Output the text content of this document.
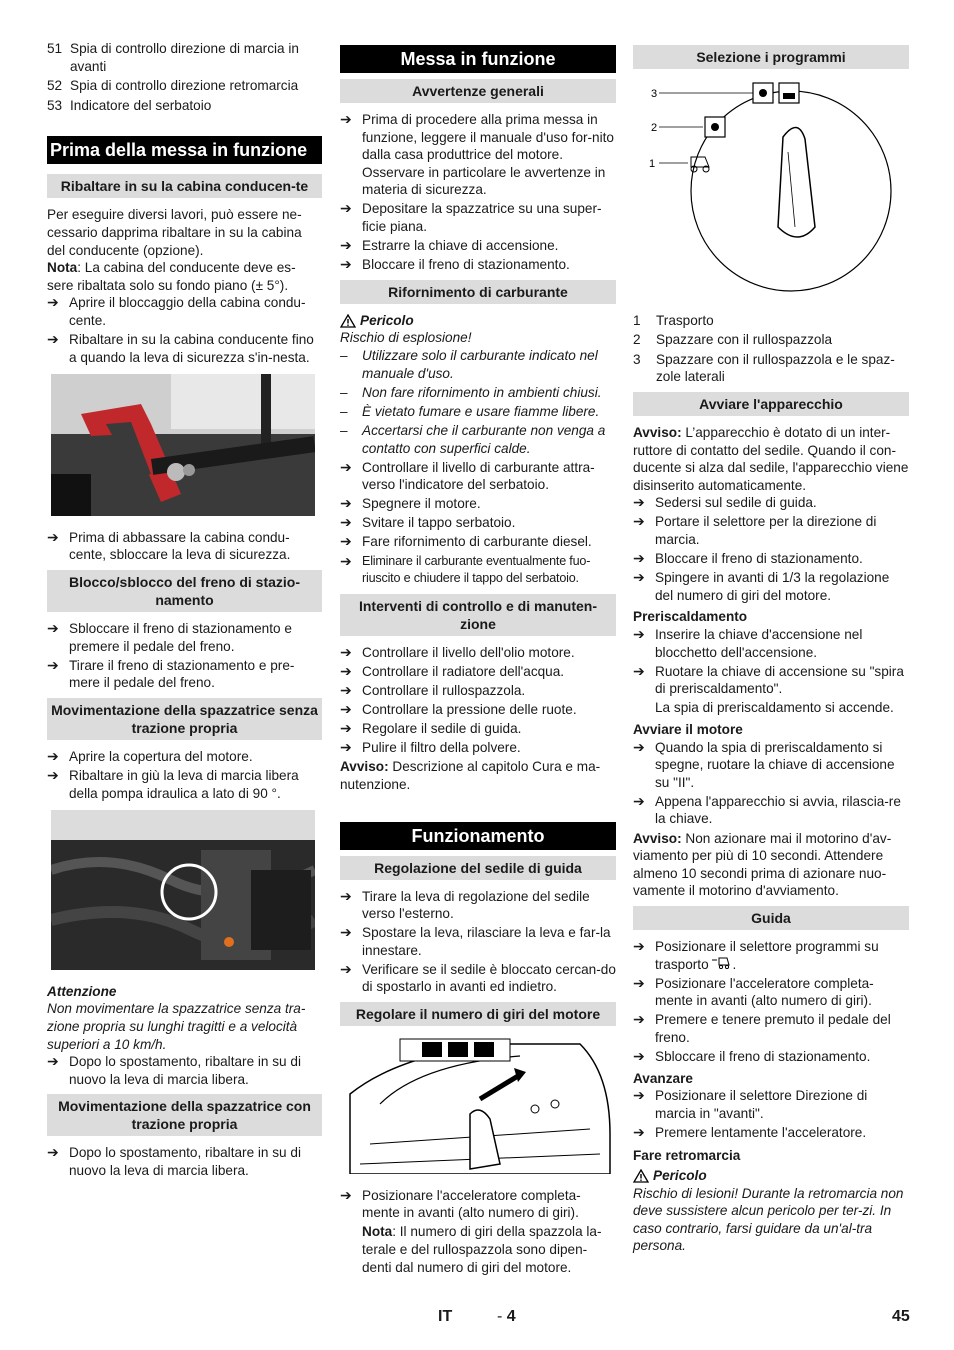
51 Spia di controllo direzione di marcia in avanti
52 Spia di controllo direzione retromarcia
53 Indicatore del serbatoio
Prima della messa in funzione
Ribaltare in su la cabina conducen-te

Per eseguire diversi lavori, può essere ne-cessario dapprima ribaltare in su la cabina del conducente (opzione).

Nota: La cabina del conducente deve es-sere ribaltata solo su fondo piano (± 5°).

➔ Aprire il bloccaggio della cabina condu-cente.
➔ Ribaltare in su la cabina conducente fino a quando la leva di sicurezza s'in-nesta.
➔ Prima di abbassare la cabina condu-cente, sbloccare la leva di sicurezza.
Blocco/sblocco del freno di stazio-namento
➔ Sbloccare il freno di stazionamento e premere il pedale del freno.
➔ Tirare il freno di stazionamento e pre-mere il pedale del freno.
Movimentazione della spazzatrice senza trazione propria
➔ Aprire la copertura del motore.
➔ Ribaltare in giù la leva di marcia libera della pompa idraulica a lato di 90 °.
Attenzione

Non movimentare la spazzatrice senza tra-zione propria su lunghi tragitti e a velocità superiori a 10 km/h.

➔ Dopo lo spostamento, ribaltare in su di nuovo la leva di marcia libera.
Movimentazione della spazzatrice con trazione propria
➔ Dopo lo spostamento, ribaltare in su di nuovo la leva di marcia libera.
Messa in funzione
Avvertenze generali
➔ Prima di procedere alla prima messa in funzione, leggere il manuale d'uso for-nito dalla casa produttrice del motore. Osservare in particolare le avvertenze in materia di sicurezza.
➔ Depositare la spazzatrice su una super-ficie piana.
➔ Estrarre la chiave di accensione.
➔ Bloccare il freno di stazionamento.
Rifornimento di carburante
Pericolo

Rischio di esplosione!

–	Utilizzare solo il carburante indicato nel manuale d'uso.
–	Non fare rifornimento in ambienti chiusi.
–	È vietato fumare e usare fiamme libere.
–	Accertarsi che il carburante non venga a contatto con superfici calde.
➔ Controllare il livello di carburante attra-verso l'indicatore del serbatoio.
➔ Spegnere il motore.
➔ Svitare il tappo serbatoio.
➔ Fare rifornimento di carburante diesel.
➔ Eliminare il carburante eventualmente fuo-riuscito e chiudere il tappo del serbatoio.
Interventi di controllo e di manuten-zione
➔ Controllare il livello dell'olio motore.
➔ Controllare il radiatore dell'acqua.
➔ Controllare il rullospazzola.
➔ Controllare la pressione delle ruote.
➔ Regolare il sedile di guida.
➔ Pulire il filtro della polvere.

Avviso: Descrizione al capitolo Cura e ma-nutenzione.

Funzionamento
Regolazione del sedile di guida
➔ Tirare la leva di regolazione del sedile verso l'esterno.
➔ Spostare la leva, rilasciare la leva e far-la innestare.
➔ Verificare se il sedile è bloccato cercan-do di spostarlo in avanti ed indietro.
Regolare il numero di giri del motore
➔ Posizionare l'acceleratore completa-mente in avanti (alto numero di giri).

Nota: Il numero di giri della spazzola la-terale e del rullospazzola sono dipen-denti dal numero di giri del motore.

Selezione i programmi
3
2
1
1	Trasporto
2	Spazzare con il rullospazzola
3	Spazzare con il rullospazzola e le spaz-zole laterali
Avviare l'apparecchio

Avviso: L’apparecchio è dotato di un inter-ruttore di contatto del sedile. Quando il con-ducente si alza dal sedile, l'apparecchio viene disinserito automaticamente.

➔ Sedersi sul sedile di guida.
➔ Portare il selettore per la direzione di marcia.
➔ Bloccare il freno di stazionamento.
➔ Spingere in avanti di 1/3 la regolazione del numero di giri del motore.
Preriscaldamento
➔ Inserire la chiave d'accensione nel blocchetto dell'accensione.
➔ Ruotare la chiave di accensione su "spira di preriscaldamento".

La spia di preriscaldamento si accende.

Avviare il motore
➔ Quando la spia di preriscaldamento si spegne, ruotare la chiave di accensione su "II".
➔ Appena l'apparecchio si avvia, rilascia-re la chiave.

Avviso: Non azionare mai il motorino d'av-viamento per più di 10 secondi. Attendere almeno 10 secondi prima di azionare nuo-vamente il motorino d'avviamento.

Guida
➔ Posizionare il selettore programmi su trasporto .
➔ Posizionare l'acceleratore completa-mente in avanti (alto numero di giri).
➔ Premere e tenere premuto il pedale del freno.
➔ Sbloccare il freno di stazionamento.
Avanzare
➔ Posizionare il selettore Direzione di marcia in "avanti".
➔ Premere lentamente l'acceleratore.
Fare retromarcia
Pericolo

Rischio di lesioni! Durante la retromarcia non deve sussistere alcun pericolo per ter-zi. In caso contrario, farsi guidare da un'al-tra persona.

IT	- 4	45
